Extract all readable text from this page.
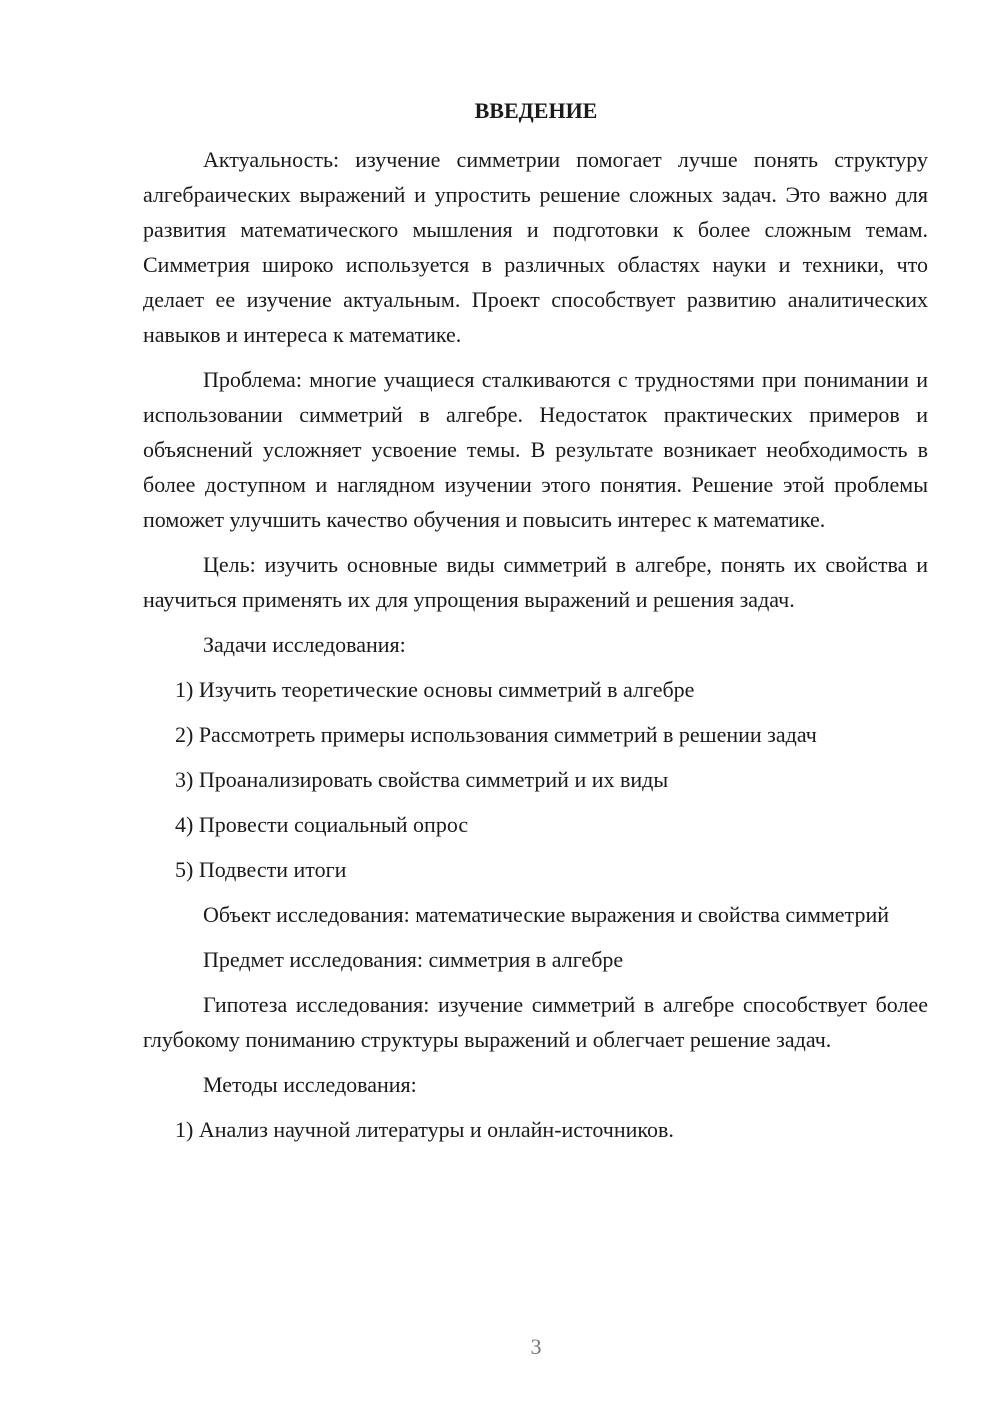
ВВЕДЕНИЕ

Актуальность: изучение симметрии помогает лучше понять структуру алгебраических выражений и упростить решение сложных задач. Это важно для развития математического мышления и подготовки к более сложным темам. Симметрия широко используется в различных областях науки и техники, что делает ее изучение актуальным. Проект способствует развитию аналитических навыков и интереса к математике.

Проблема: многие учащиеся сталкиваются с трудностями при понимании и использовании симметрий в алгебре. Недостаток практических примеров и объяснений усложняет усвоение темы. В результате возникает необходимость в более доступном и наглядном изучении этого понятия. Решение этой проблемы поможет улучшить качество обучения и повысить интерес к математике.

Цель: изучить основные виды симметрий в алгебре, понять их свойства и научиться применять их для упрощения выражений и решения задач.

Задачи исследования:

1) Изучить теоретические основы симметрий в алгебре
2) Рассмотреть примеры использования симметрий в решении задач
3) Проанализировать свойства симметрий и их виды
4) Провести социальный опрос
5) Подвести итоги

Объект исследования: математические выражения и свойства симметрий

Предмет исследования: симметрия в алгебре

Гипотеза исследования: изучение симметрий в алгебре способствует более глубокому пониманию структуры выражений и облегчает решение задач.

Методы исследования:

1) Анализ научной литературы и онлайн-источников.
3
